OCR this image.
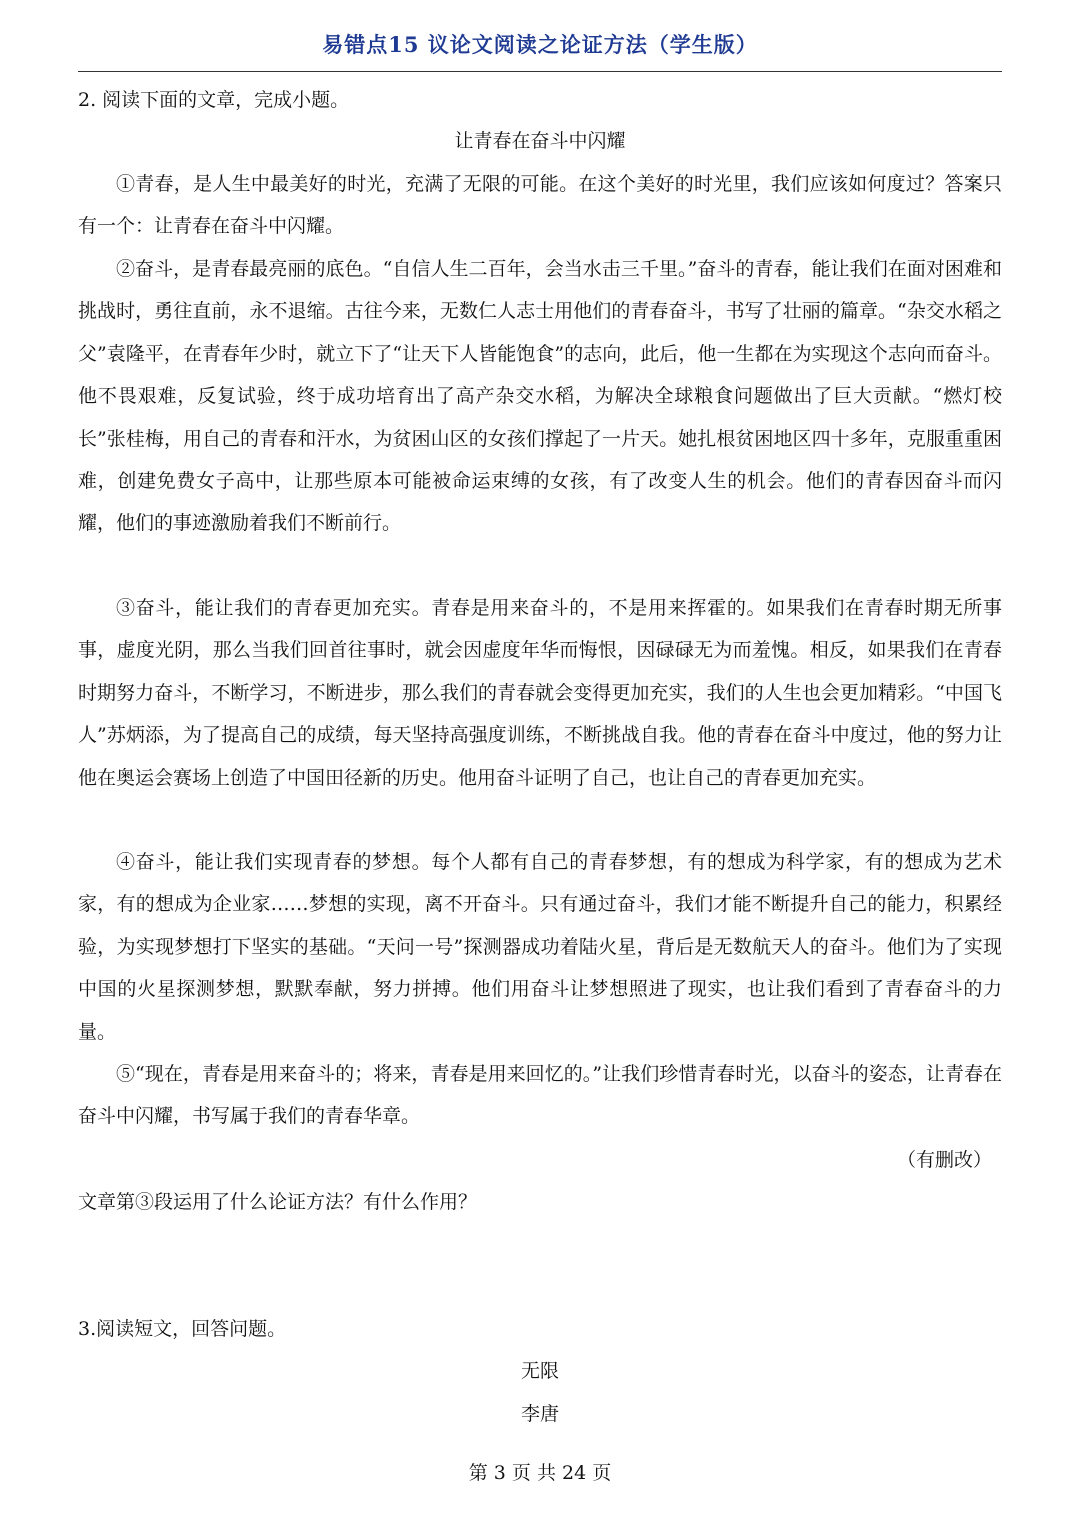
易错点15 议论文阅读之论证方法（学生版）
2. 阅读下面的文章，完成小题。
让青春在奋斗中闪耀

①青春，是人生中最美好的时光，充满了无限的可能。在这个美好的时光里，我们应该如何度过？答案只有一个：让青春在奋斗中闪耀。

②奋斗，是青春最亮丽的底色。“自信人生二百年，会当水击三千里。”奋斗的青春，能让我们在面对困难和挑战时，勇往直前，永不退缩。古往今来，无数仁人志士用他们的青春奋斗，书写了壮丽的篇章。“杂交水稻之父”袁隆平，在青春年少时，就立下了“让天下人皆能饱食”的志向，此后，他一生都在为实现这个志向而奋斗。他不畏艰难，反复试验，终于成功培育出了高产杂交水稻，为解决全球粮食问题做出了巨大贡献。“燃灯校长”张桂梅，用自己的青春和汗水，为贫困山区的女孩们撑起了一片天。她扎根贫困地区四十多年，克服重重困难，创建免费女子高中，让那些原本可能被命运束缚的女孩，有了改变人生的机会。他们的青春因奋斗而闪耀，他们的事迹激励着我们不断前行。

③奋斗，能让我们的青春更加充实。青春是用来奋斗的，不是用来挥霍的。如果我们在青春时期无所事事，虚度光阴，那么当我们回首往事时，就会因虚度年华而悔恨，因碌碌无为而羞愧。相反，如果我们在青春时期努力奋斗，不断学习，不断进步，那么我们的青春就会变得更加充实，我们的人生也会更加精彩。“中国飞人”苏炳添，为了提高自己的成绩，每天坚持高强度训练，不断挑战自我。他的青春在奋斗中度过，他的努力让他在奥运会赛场上创造了中国田径新的历史。他用奋斗证明了自己，也让自己的青春更加充实。

④奋斗，能让我们实现青春的梦想。每个人都有自己的青春梦想，有的想成为科学家，有的想成为艺术家，有的想成为企业家……梦想的实现，离不开奋斗。只有通过奋斗，我们才能不断提升自己的能力，积累经验，为实现梦想打下坚实的基础。“天问一号”探测器成功着陆火星，背后是无数航天人的奋斗。他们为了实现中国的火星探测梦想，默默奉献，努力拼搏。他们用奋斗让梦想照进了现实，也让我们看到了青春奋斗的力量。

⑤“现在，青春是用来奋斗的；将来，青春是用来回忆的。”让我们珍惜青春时光，以奋斗的姿态，让青春在奋斗中闪耀，书写属于我们的青春华章。

（有删改）
文章第③段运用了什么论证方法？有什么作用？
3.阅读短文，回答问题。
无限
李唐
第 3 页 共 24 页
